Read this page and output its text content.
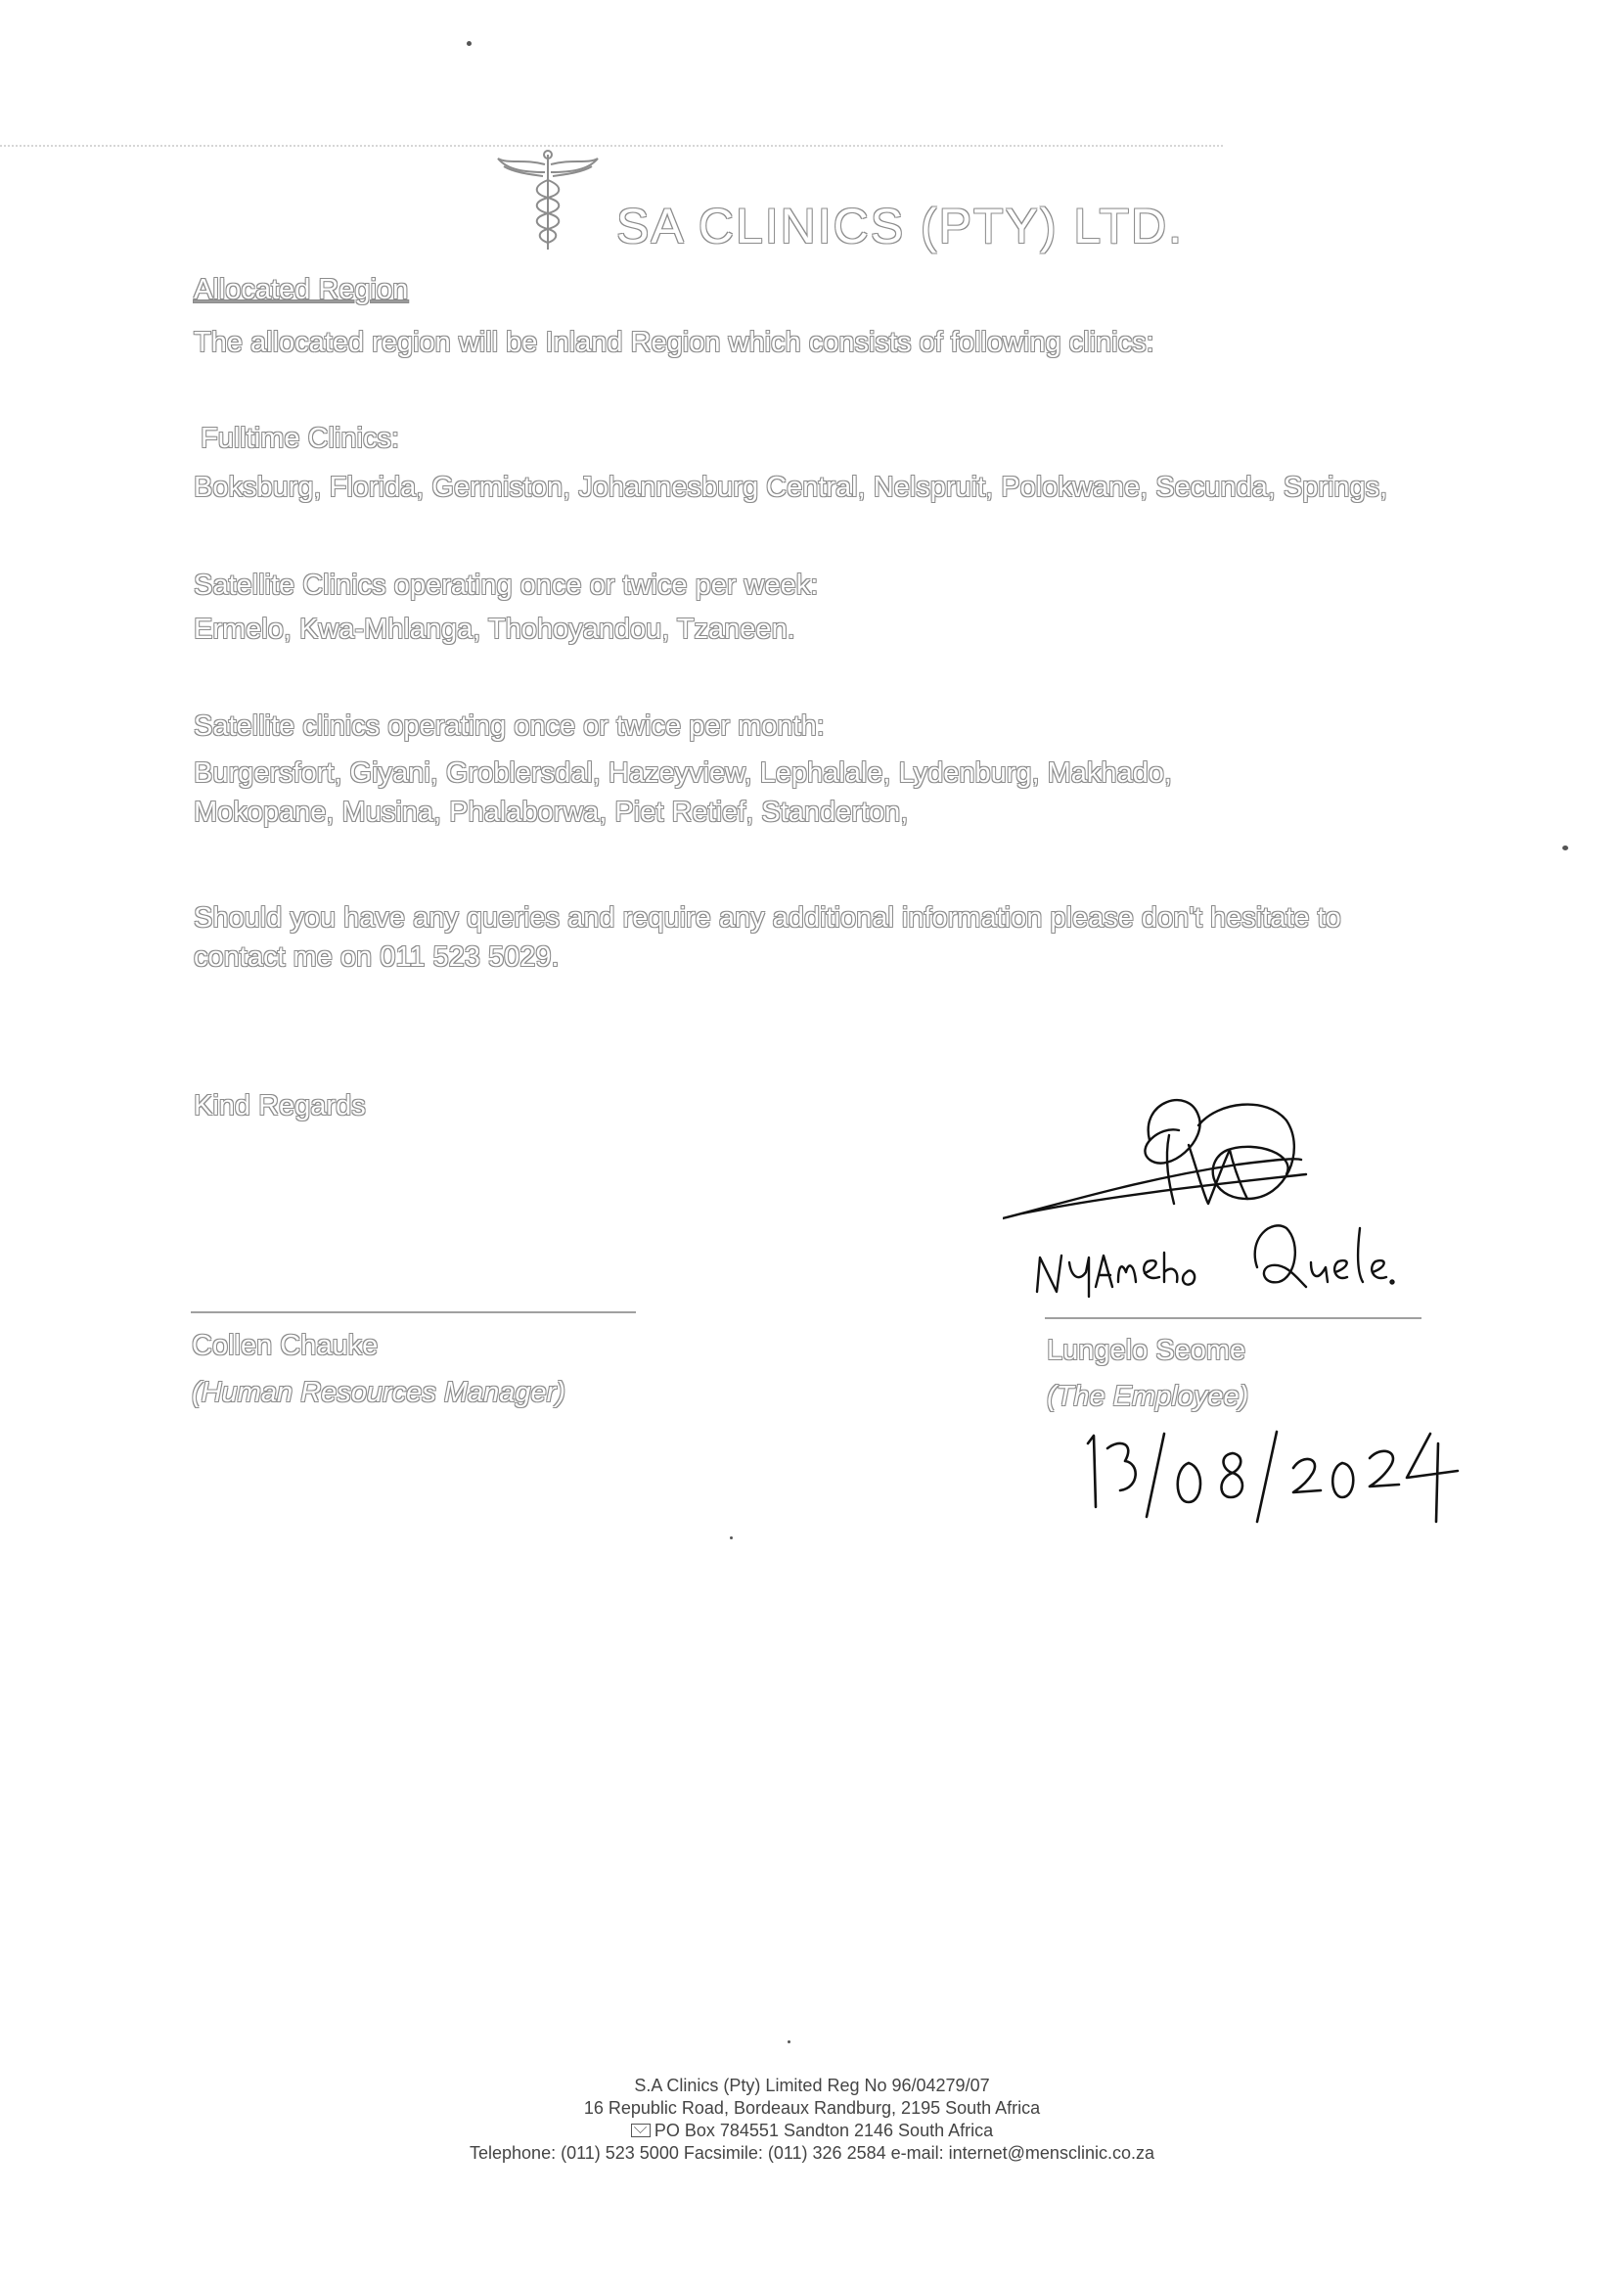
SA CLINICS (PTY) LTD.
Allocated Region
The allocated region will be Inland Region which consists of following clinics:
Fulltime Clinics:
Boksburg, Florida, Germiston, Johannesburg Central, Nelspruit, Polokwane, Secunda, Springs,
Satellite Clinics operating once or twice per week:
Ermelo, Kwa-Mhlanga, Thohoyandou, Tzaneen.
Satellite clinics operating once or twice per month:
Burgersfort, Giyani, Groblersdal, Hazeyview, Lephalale, Lydenburg, Makhado, Mokopane, Musina, Phalaborwa, Piet Retief, Standerton,
Should you have any queries and require any additional information please don't hesitate to contact me on 011 523 5029.
Kind Regards
Collen Chauke
(Human Resources Manager)
Lungelo Seome
(The Employee)
S.A Clinics (Pty) Limited Reg No 96/04279/07
16 Republic Road, Bordeaux Randburg, 2195 South Africa
PO Box 784551 Sandton 2146 South Africa
Telephone: (011) 523 5000 Facsimile: (011) 326 2584 e-mail: internet@mensclinic.co.za
